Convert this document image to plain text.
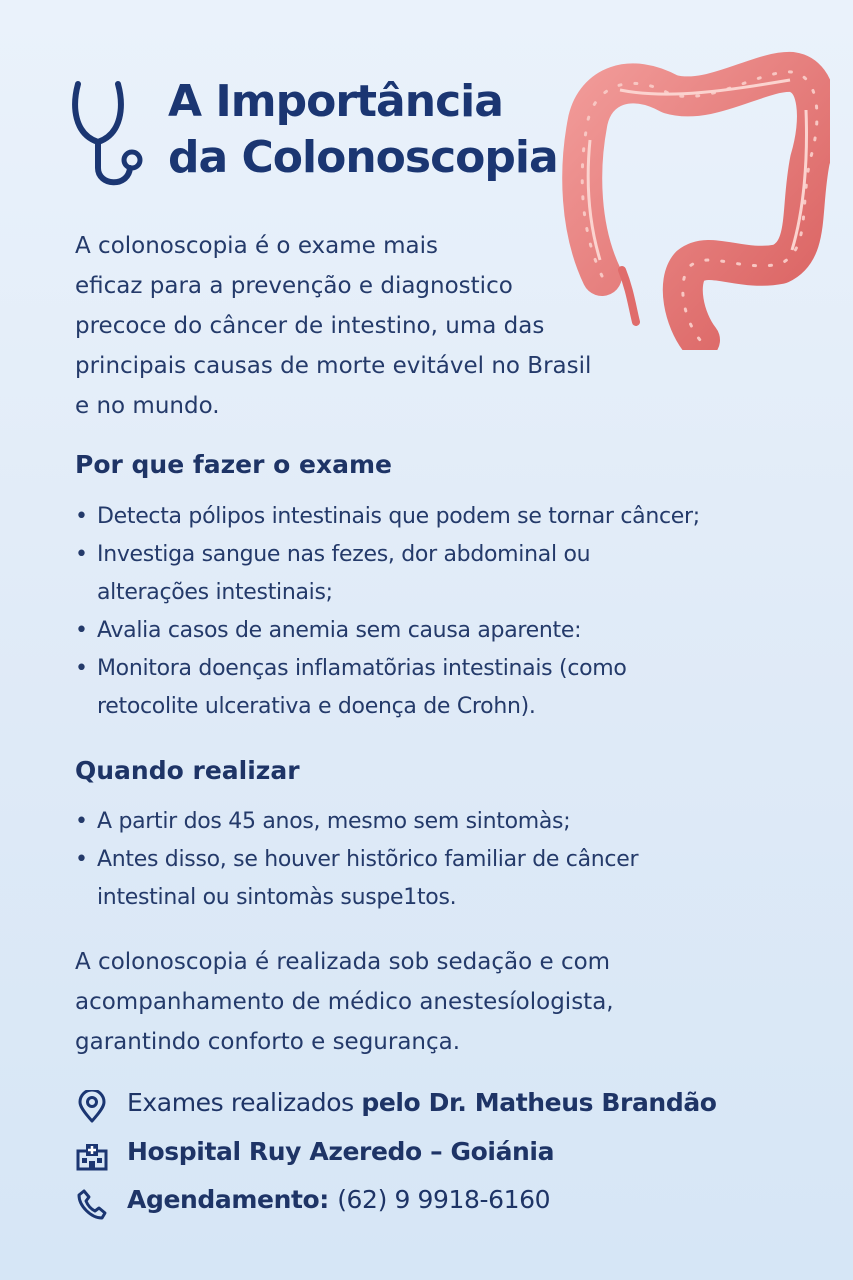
A Importância
da Colonoscopia
A colonoscopia é o exame mais
eficaz para a prevenção e diagnostico
precoce do câncer de intestino, uma das
principais causas de morte evitável no Brasil
e no mundo.
Por que fazer o exame
• Detecta pólipos intestinais que podem se tornar câncer;
• Investiga sangue nas fezes, dor abdominal ou
alterações intestinais;
• Avalia casos de anemia sem causa aparente:
• Monitora doenças inflamatõrias intestinais (como
retocolite ulcerativa e doença de Crohn).
Quando realizar
• A partir dos 45 anos, mesmo sem sintomàs;
• Antes disso, se houver histõrico familiar de câncer
intestinal ou sintomàs suspe1tos.
A colonoscopia é realizada sob sedação e com
acompanhamento de médico anestesíologista,
garantindo conforto e segurança.
Exames realizados pelo Dr. Matheus Brandão
Hospital Ruy Azeredo – Goiánia
Agendamento: (62) 9 9918-6160
